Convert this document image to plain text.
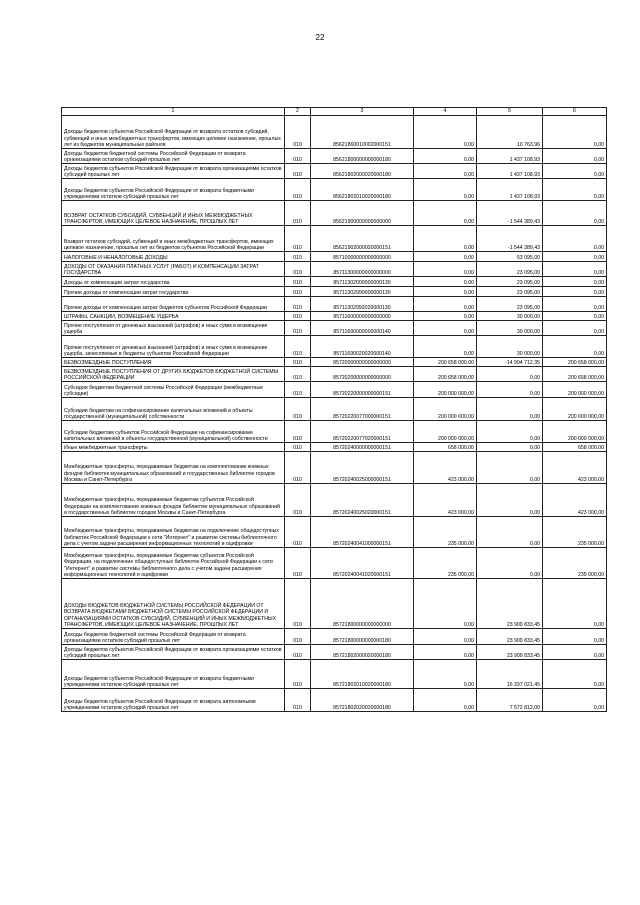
22
1	2	3	4	5	6
Доходы бюджетов субъектов Российской Федерации от возврата остатков субсидий, субвенций и иных межбюджетных трансфертов, имеющих целевое назначение, прошлых лет из бюджетов муниципальных районов	010	85621860010002000151	0,00	10 763,96	0,00
Доходы бюджетов бюджетной системы Российской Федерации от возврата организациями остатков субсидий прошлых лет	010	85621800000000000180	0,00	1 437 108,93	0,00
Доходы бюджетов субъектов Российской Федерации от возврата организациями остатков субсидий прошлых лет	010	85621802000020000180	0,00	1 437 108,93	0,00
Доходы бюджетов субъектов Российской Федерации от возврата бюджетными учреждениями остатков субсидий прошлых лет	010	85621802010020000180	0,00	1 437 108,93	0,00
ВОЗВРАТ ОСТАТКОВ СУБСИДИЙ, СУБВЕНЦИЙ И ИНЫХ МЕЖБЮДЖЕТНЫХ ТРАНСФЕРТОВ, ИМЕЮЩИХ ЦЕЛЕВОЕ НАЗНАЧЕНИЕ, ПРОШЛЫХ ЛЕТ	010	85621900000000000000	0,00	-1 544 389,43	0,00
Возврат остатков субсидий, субвенций и иных межбюджетных трансфертов, имеющих целевое назначение, прошлых лет из бюджетов субъектов Российской Федерации	010	85621902000020000151	0,00	-1 544 389,43	0,00
НАЛОГОВЫЕ И НЕНАЛОГОВЫЕ ДОХОДЫ	010	85710000000000000000	0,00	53 095,00	0,00
ДОХОДЫ ОТ ОКАЗАНИЯ ПЛАТНЫХ УСЛУГ (РАБОТ) И КОМПЕНСАЦИИ ЗАТРАТ ГОСУДАРСТВА	010	85711300000000000000	0,00	23 095,00	0,00
Доходы от компенсации затрат государства	010	85711302000000000130	0,00	23 095,00	0,00
Прочие доходы от компенсации затрат государства	010	85711302990000000130	0,00	23 095,00	0,00
Прочие доходы от компенсации затрат бюджетов субъектов Российской Федерации	010	85711302992020000130	0,00	23 095,00	0,00
ШТРАФЫ, САНКЦИИ, ВОЗМЕЩЕНИЕ УЩЕРБА	010	85711600000000000000	0,00	30 000,00	0,00
Прочие поступления от денежных взысканий (штрафов) и иных сумм в возмещение ущерба	010	85711690000000000140	0,00	30 000,00	0,00
Прочие поступления от денежных взысканий (штрафов) и иных сумм в возмещение ущерба, зачисляемые в бюджеты субъектов Российской Федерации	010	85711690020020000140	0,00	30 000,00	0,00
БЕЗВОЗМЕЗДНЫЕ ПОСТУПЛЕНИЯ	010	85720000000000000000	200 658 000,00	-14 994 712,35	200 658 000,00
БЕЗВОЗМЕЗДНЫЕ ПОСТУПЛЕНИЯ ОТ ДРУГИХ БЮДЖЕТОВ БЮДЖЕТНОЙ СИСТЕМЫ РОССИЙСКОЙ ФЕДЕРАЦИИ	010	85720200000000000000	200 658 000,00	0,00	200 658 000,00
Субсидии бюджетам бюджетной системы Российской Федерации (межбюджетные субсидии)	010	85720220000000000151	200 000 000,00	0,00	200 000 000,00
Субсидии бюджетам на софинансирование капитальных вложений в объекты государственной (муниципальной) собственности	010	85720220077000000151	200 000 000,00	0,00	200 000 000,00
Субсидии бюджетам субъектов Российской Федерации на софинансирование капитальных вложений в объекты государственной (муниципальной) собственности	010	85720220077020000151	200 000 000,00	0,00	200 000 000,00
Иные межбюджетные трансферты	010	85720240000000000151	658 000,00	0,00	658 000,00
Межбюджетные трансферты, передаваемые бюджетам на комплектование книжных фондов библиотек муниципальных образований и государственных библиотек городов Москвы и Санкт-Петербурга	010	85720240025000000151	423 000,00	0,00	423 000,00
Межбюджетные трансферты, передаваемые бюджетам субъектов Российской Федерации на комплектование книжных фондов библиотек муниципальных образований и государственных библиотек городов Москвы и Санкт-Петербурга	010	85720240025020000151	423 000,00	0,00	423 000,00
Межбюджетные трансферты, передаваемые бюджетам на подключение общедоступных библиотек Российской Федерации к сети "Интернет" и развитие системы библиотечного дела с учетом задачи расширения информационных технологий и оцифровки	010	85720240041000000151	235 000,00	0,00	235 000,00
Межбюджетные трансферты, передаваемые бюджетам субъектов Российской Федерации, на подключение общедоступных библиотек Российской Федерации к сети "Интернет" и развитие системы библиотечного дела с учетом задачи расширения информационных технологий и оцифровки	010	85720240041020000151	235 000,00	0,00	235 000,00
ДОХОДЫ БЮДЖЕТОВ БЮДЖЕТНОЙ СИСТЕМЫ РОССИЙСКОЙ ФЕДЕРАЦИИ ОТ ВОЗВРАТА БЮДЖЕТАМИ БЮДЖЕТНОЙ СИСТЕМЫ РОССИЙСКОЙ ФЕДЕРАЦИИ И ОРГАНИЗАЦИЯМИ ОСТАТКОВ СУБСИДИЙ, СУБВЕНЦИЙ И ИНЫХ МЕЖБЮДЖЕТНЫХ ТРАНСФЕРТОВ, ИМЕЮЩИХ ЦЕЛЕВОЕ НАЗНАЧЕНИЕ, ПРОШЛЫХ ЛЕТ	010	85721800000000000000	0,00	23 909 833,45	0,00
Доходы бюджетов бюджетной системы Российской Федерации от возврата организациями остатков субсидий прошлых лет	010	85721800000000000180	0,00	23 909 833,45	0,00
Доходы бюджетов субъектов Российской Федерации от возврата организациями остатков субсидий прошлых лет	010	85721802000020000180	0,00	23 909 833,45	0,00
Доходы бюджетов субъектов Российской Федерации от возврата бюджетными учреждениями остатков субсидий прошлых лет	010	85721802010020000180	0,00	16 337 021,45	0,00
Доходы бюджетов субъектов Российской Федерации от возврата автономными учреждениями остатков субсидий прошлых лет	010	85721802020020000180	0,00	7 572 812,00	0,00
